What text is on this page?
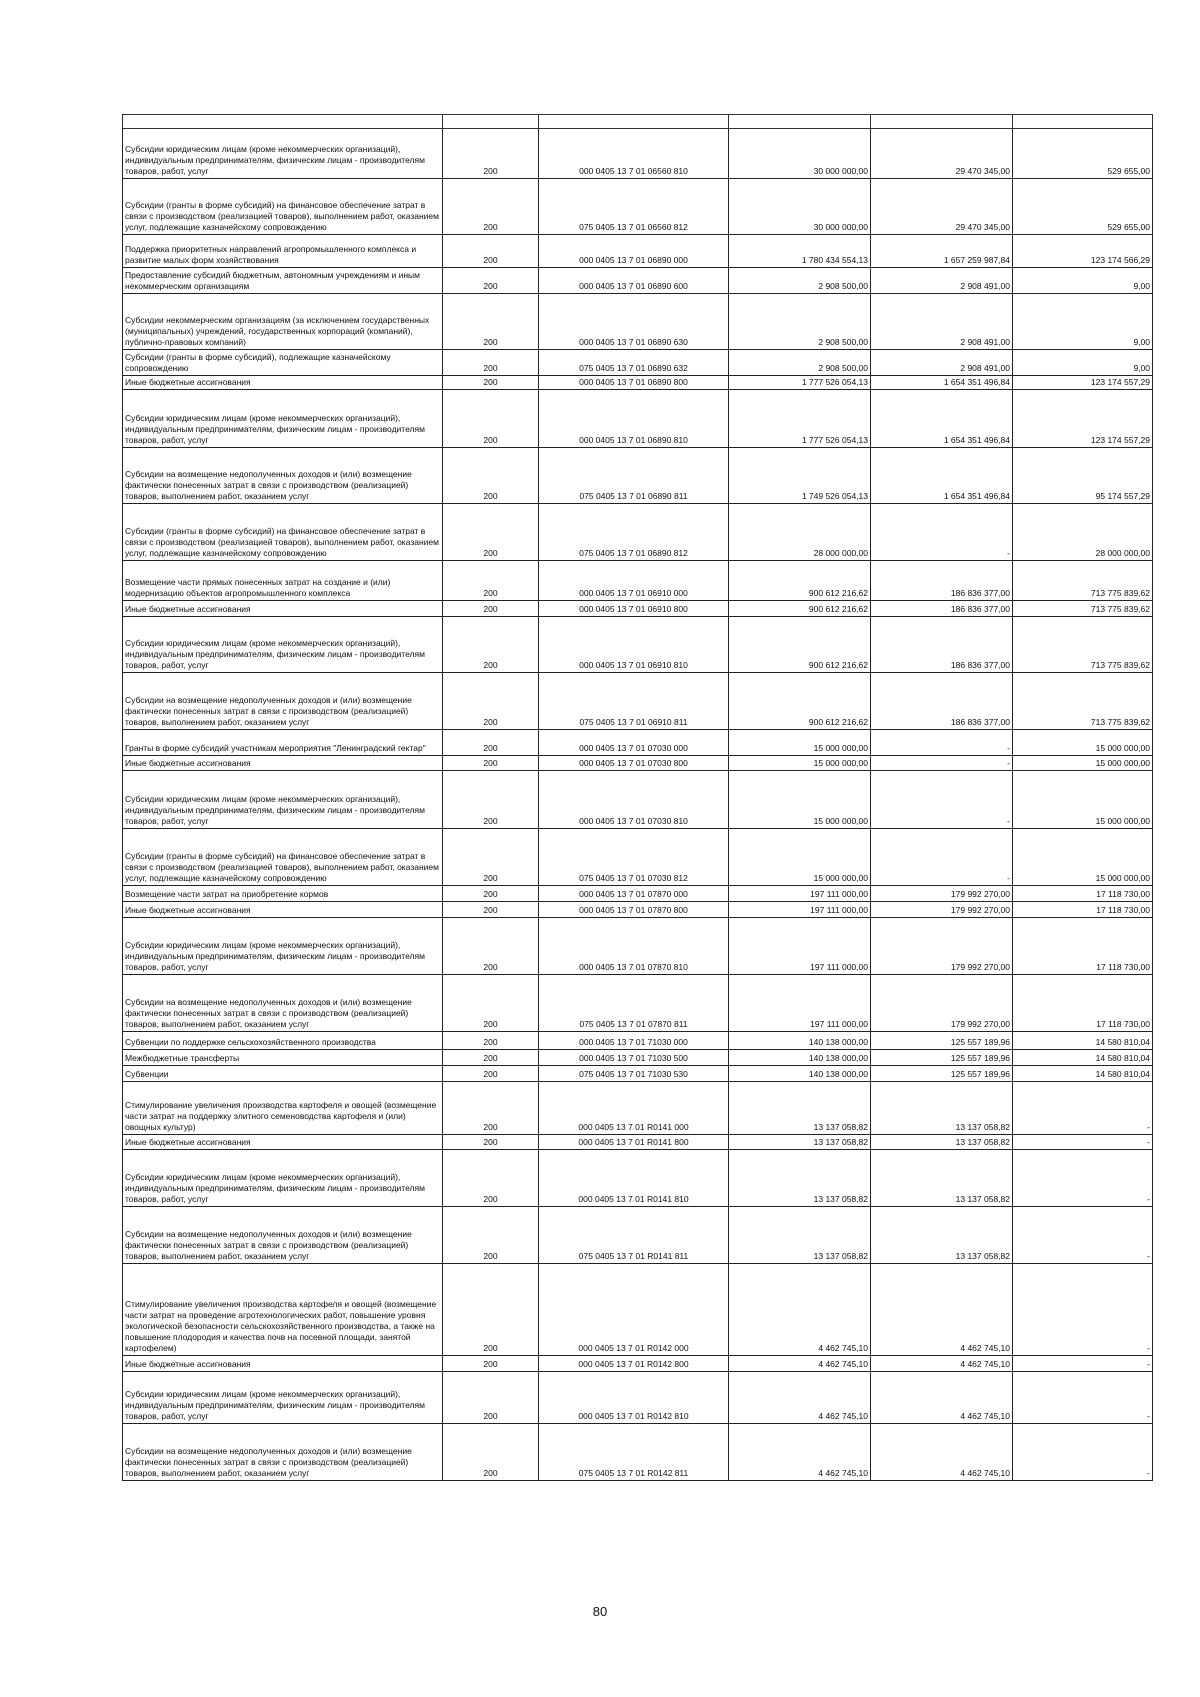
Субсидии юридическим лицам (кроме некоммерческих организаций), индивидуальным предпринимателям, физическим лицам - производителям товаров, работ, услуг	200	000 0405 13 7 01 06560 810	30 000 000,00	29 470 345,00	529 655,00

Субсидии (гранты в форме субсидий) на финансовое обеспечение затрат в связи с производством (реализацией товаров), выполнением работ, оказанием услуг, подлежащие казначейскому сопровождению	200	075 0405 13 7 01 06560 812	30 000 000,00	29 470 345,00	529 655,00

Поддержка приоритетных направлений агропромышленного комплекса и развитие малых форм хозяйствования	200	000 0405 13 7 01 06890 000	1 780 434 554,13	1 657 259 987,84	123 174 566,29

Предоставление субсидий бюджетным, автономным учреждениям и иным некоммерческим организациям	200	000 0405 13 7 01 06890 600	2 908 500,00	2 908 491,00	9,00

Субсидии некоммерческим организациям (за исключением государственных (муниципальных) учреждений, государственных корпораций (компаний), публично-правовых компаний)	200	000 0405 13 7 01 06890 630	2 908 500,00	2 908 491,00	9,00

Субсидии (гранты в форме субсидий), подлежащие казначейскому сопровождению	200	075 0405 13 7 01 06890 632	2 908 500,00	2 908 491,00	9,00

Иные бюджетные ассигнования	200	000 0405 13 7 01 06890 800	1 777 526 054,13	1 654 351 496,84	123 174 557,29

Субсидии юридическим лицам (кроме некоммерческих организаций), индивидуальным предпринимателям, физическим лицам - производителям товаров, работ, услуг	200	000 0405 13 7 01 06890 810	1 777 526 054,13	1 654 351 496,84	123 174 557,29

Субсидии на возмещение недополученных доходов и (или) возмещение фактически понесенных затрат в связи с производством (реализацией) товаров, выполнением работ, оказанием услуг	200	075 0405 13 7 01 06890 811	1 749 526 054,13	1 654 351 496,84	95 174 557,29

Субсидии (гранты в форме субсидий) на финансовое обеспечение затрат в связи с производством (реализацией товаров), выполнением работ, оказанием услуг, подлежащие казначейскому сопровождению	200	075 0405 13 7 01 06890 812	28 000 000,00	-	28 000 000,00

Возмещение части прямых понесенных затрат на создание и (или) модернизацию объектов агропромышленного комплекса	200	000 0405 13 7 01 06910 000	900 612 216,62	186 836 377,00	713 775 839,62

Иные бюджетные ассигнования	200	000 0405 13 7 01 06910 800	900 612 216,62	186 836 377,00	713 775 839,62

Субсидии юридическим лицам (кроме некоммерческих организаций), индивидуальным предпринимателям, физическим лицам - производителям товаров, работ, услуг	200	000 0405 13 7 01 06910 810	900 612 216,62	186 836 377,00	713 775 839,62

Субсидии на возмещение недополученных доходов и (или) возмещение фактически понесенных затрат в связи с производством (реализацией) товаров, выполнением работ, оказанием услуг	200	075 0405 13 7 01 06910 811	900 612 216,62	186 836 377,00	713 775 839,62

Гранты в форме субсидий участникам мероприятия "Ленинградский гектар"	200	000 0405 13 7 01 07030 000	15 000 000,00	-	15 000 000,00

Иные бюджетные ассигнования	200	000 0405 13 7 01 07030 800	15 000 000,00	-	15 000 000,00

Субсидии юридическим лицам (кроме некоммерческих организаций), индивидуальным предпринимателям, физическим лицам - производителям товаров, работ, услуг	200	000 0405 13 7 01 07030 810	15 000 000,00	-	15 000 000,00

Субсидии (гранты в форме субсидий) на финансовое обеспечение затрат в связи с производством (реализацией товаров), выполнением работ, оказанием услуг, подлежащие казначейскому сопровождению	200	075 0405 13 7 01 07030 812	15 000 000,00	-	15 000 000,00

Возмещение части затрат на приобретение кормов	200	000 0405 13 7 01 07870 000	197 111 000,00	179 992 270,00	17 118 730,00

Иные бюджетные ассигнования	200	000 0405 13 7 01 07870 800	197 111 000,00	179 992 270,00	17 118 730,00

Субсидии юридическим лицам (кроме некоммерческих организаций), индивидуальным предпринимателям, физическим лицам - производителям товаров, работ, услуг	200	000 0405 13 7 01 07870 810	197 111 000,00	179 992 270,00	17 118 730,00

Субсидии на возмещение недополученных доходов и (или) возмещение фактически понесенных затрат в связи с производством (реализацией) товаров, выполнением работ, оказанием услуг	200	075 0405 13 7 01 07870 811	197 111 000,00	179 992 270,00	17 118 730,00

Субвенции по поддержке сельскохозяйственного производства	200	000 0405 13 7 01 71030 000	140 138 000,00	125 557 189,96	14 580 810,04

Межбюджетные трансферты	200	000 0405 13 7 01 71030 500	140 138 000,00	125 557 189,96	14 580 810,04

Субвенции	200	075 0405 13 7 01 71030 530	140 138 000,00	125 557 189,96	14 580 810,04

Стимулирование увеличения производства картофеля и овощей (возмещение части затрат на поддержку элитного семеноводства картофеля и (или) овощных культур)	200	000 0405 13 7 01 R0141 000	13 137 058,82	13 137 058,82	-

Иные бюджетные ассигнования	200	000 0405 13 7 01 R0141 800	13 137 058,82	13 137 058,82	-

Субсидии юридическим лицам (кроме некоммерческих организаций), индивидуальным предпринимателям, физическим лицам - производителям товаров, работ, услуг	200	000 0405 13 7 01 R0141 810	13 137 058,82	13 137 058,82	-

Субсидии на возмещение недополученных доходов и (или) возмещение фактически понесенных затрат в связи с производством (реализацией) товаров, выполнением работ, оказанием услуг	200	075 0405 13 7 01 R0141 811	13 137 058,82	13 137 058,82	-

Стимулирование увеличения производства картофеля и овощей (возмещение части затрат на проведение агротехнологических работ, повышение уровня экологической безопасности сельскохозяйственного производства, а также на повышение плодородия и качества почв на посевной площади, занятой картофелем)	200	000 0405 13 7 01 R0142 000	4 462 745,10	4 462 745,10	-

Иные бюджетные ассигнования	200	000 0405 13 7 01 R0142 800	4 462 745,10	4 462 745,10	-

Субсидии юридическим лицам (кроме некоммерческих организаций), индивидуальным предпринимателям, физическим лицам - производителям товаров, работ, услуг	200	000 0405 13 7 01 R0142 810	4 462 745,10	4 462 745,10	-

Субсидии на возмещение недополученных доходов и (или) возмещение фактически понесенных затрат в связи с производством (реализацией) товаров, выполнением работ, оказанием услуг	200	075 0405 13 7 01 R0142 811	4 462 745,10	4 462 745,10	-
80
